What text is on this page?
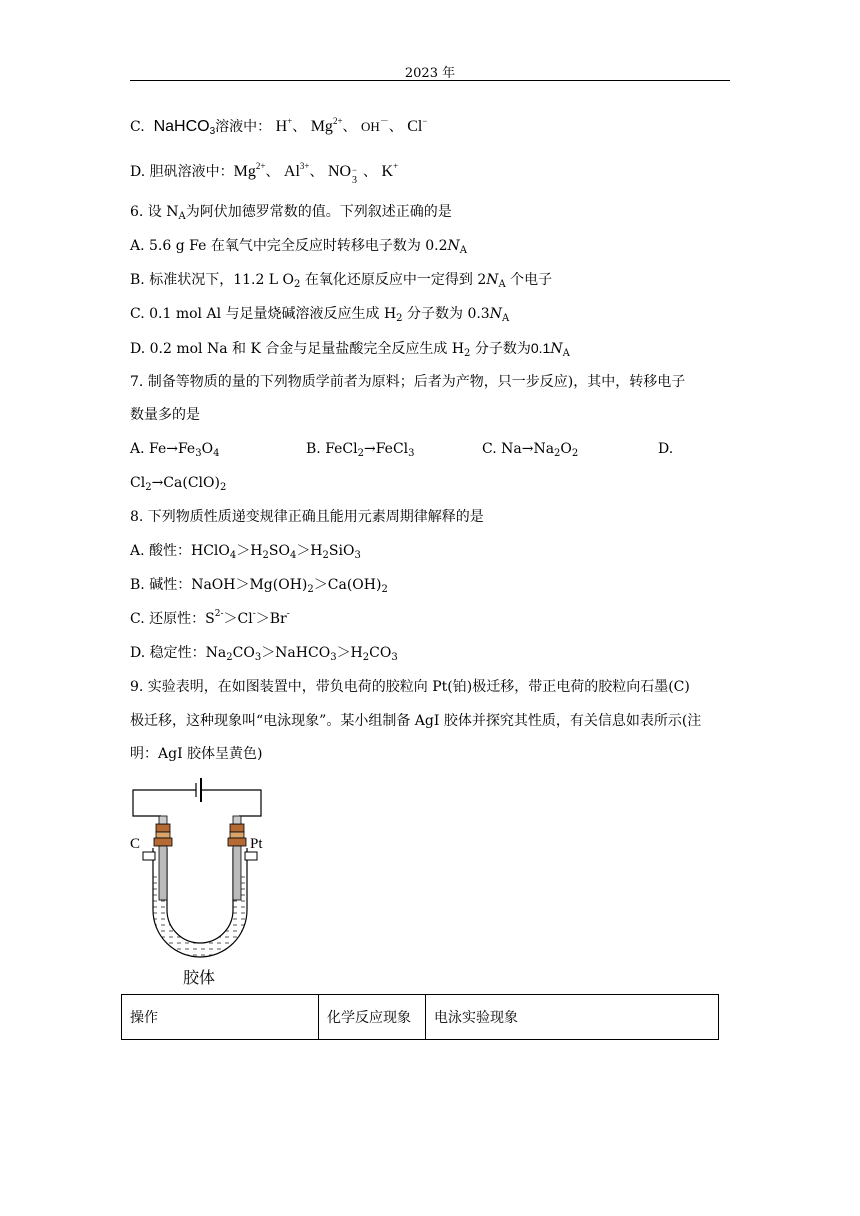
2023 年
C. NaHCO$_3$溶液中： H+、 $Mg^{2+}$、 OH－、 Cl−
D. 胆矾溶液中：$Mg^{2+}$、 $Al^{3+}$、 NO −
3
、 K+
6. 设 $N_A$为阿伏加德罗常数的值。下列叙述正确的是
A. 5.6 g Fe 在氧气中完全反应时转移电子数为 $0.2N_A$
B. 标准状况下，11.2 L $O_2$ 在氧化还原反应中一定得到 $2N_A$ 个电子
C. 0.1 mol Al 与足量烧碱溶液反应生成 $H_2$ 分子数为 $0.3N_A$
D. 0.2 mol Na 和 K 合金与足量盐酸完全反应生成 $H_2$ 分子数为$0.1N_A$
7. 制备等物质的量的下列物质学前者为原料；后者为产物，只一步反应)，其中，转移电子
数量多的是
A. $Fe\to Fe_3O_4$	B. FeCl$_2$→FeCl$_3$	C. $Na\to Na_2O_2$	D.
$Cl_2\to Ca(ClO)_2$
8. 下列物质性质递变规律正确且能用元素周期律解释的是
A. 酸性：$HClO_4>H_2SO_4>H_2SiO_3$
B. 碱性：$NaOH>Mg(OH)_2>Ca(OH)_2$
C. 还原性：$S^{2-}>Cl^->Br^-$
D. 稳定性：$Na_2CO_3>NaHCO_3>H_2CO_3$
9. 实验表明，在如图装置中，带负电荷的胶粒向 Pt(铂)极迁移，带正电荷的胶粒向石墨(C)
极迁移，这种现象叫“电泳现象”。某小组制备 AgI 胶体并探究其性质，有关信息如表所示(注
明：AgI 胶体呈黄色)
C	Pt
胶体
操作	化学反应现象	电泳实验现象
